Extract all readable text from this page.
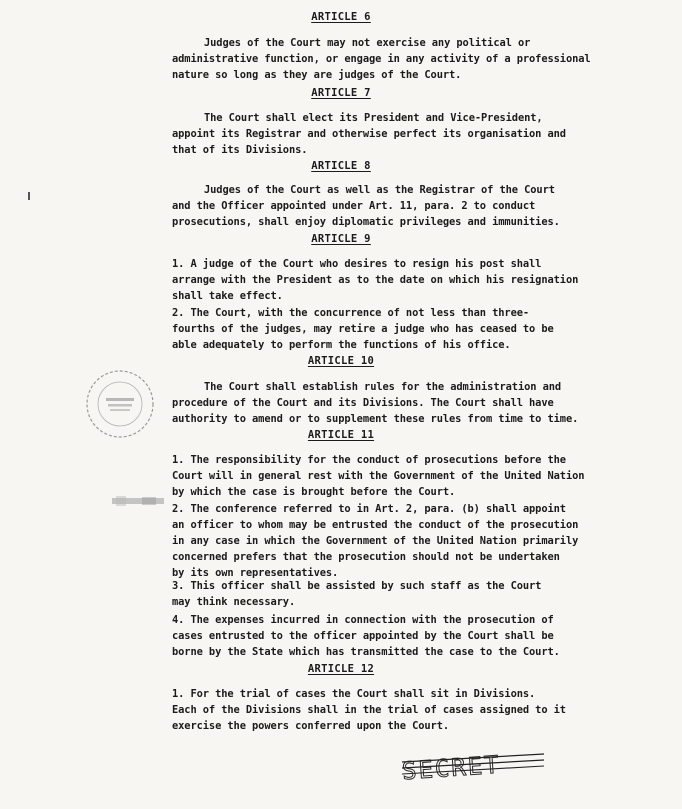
ARTICLE 6
Judges of the Court may not exercise any political or
administrative function, or engage in any activity of a professional
nature so long as they are judges of the Court.
ARTICLE 7
The Court shall elect its President and Vice-President,
appoint its Registrar and otherwise perfect its organisation and
that of its Divisions.
ARTICLE 8
Judges of the Court as well as the Registrar of the Court
and the Officer appointed under Art. 11, para. 2 to conduct
prosecutions, shall enjoy diplomatic privileges and immunities.
ARTICLE 9
1. A judge of the Court who desires to resign his post shall
arrange with the President as to the date on which his resignation
shall take effect.
2. The Court, with the concurrence of not less than three-
fourths of the judges, may retire a judge who has ceased to be
able adequately to perform the functions of his office.
ARTICLE 10
The Court shall establish rules for the administration and
procedure of the Court and its Divisions. The Court shall have
authority to amend or to supplement these rules from time to time.
ARTICLE 11
1. The responsibility for the conduct of prosecutions before the
Court will in general rest with the Government of the United Nation
by which the case is brought before the Court.
2. The conference referred to in Art. 2, para. (b) shall appoint
an officer to whom may be entrusted the conduct of the prosecution
in any case in which the Government of the United Nation primarily
concerned prefers that the prosecution should not be undertaken
by its own representatives.
3. This officer shall be assisted by such staff as the Court
may think necessary.
4. The expenses incurred in connection with the prosecution of
cases entrusted to the officer appointed by the Court shall be
borne by the State which has transmitted the case to the Court.
ARTICLE 12
1. For the trial of cases the Court shall sit in Divisions.
Each of the Divisions shall in the trial of cases assigned to it
exercise the powers conferred upon the Court.
SECRET
